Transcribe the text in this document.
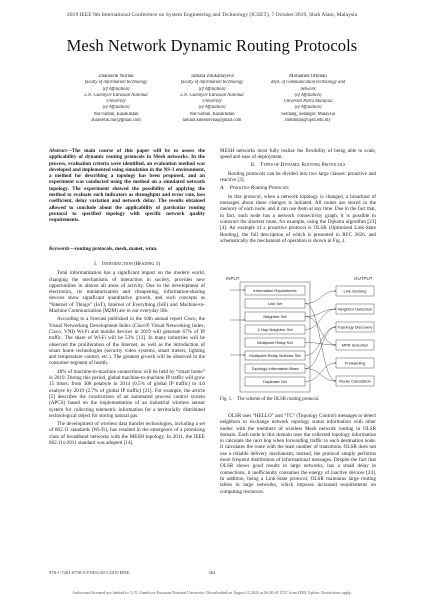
2019 IEEE 9th International Conference on System Engineering and Technology (ICSET), 7 October 2019, Shah Alam, Malaysia
Mesh Network Dynamic Routing Protocols
Zhanserik Nurlan
faculty of information technology
(of Affiliation)
L.N. Gumilyov Eurasian National
University
(of Affiliation)
Nur-Sultan, Kazakhstan
zhanserik.nur@gmail.com
Tamara Zhukabayeva
faculty of information technology
(of Affiliation)
L.N. Gumilyov Eurasian National
University
(of Affiliation)
Nur-Sultan, Kazakhstan
tamara.kokenovna@gmail.com
Mohamed Othman
dept. of communication technology and
network
(of Affiliation)
Universiti Putra Malaysia
(of Affiliation)
Serdang, Selangor, Malaysia
mothman@upm.edu.my

Abstract—The main course of this paper will be to assess the applicability of dynamic routing protocols in Mesh networks. In the process, evaluation criteria were identified, an evaluation method was developed and implemented using simulation in the NS-3 environment, a method for describing a topology has been proposed, and an experiment was conducted using the method on a simulated network topology. The experiment showed the possibility of applying the method to evaluate such indicators as throughput and error rate, loss coefficient, delay variation and network delay. The results obtained allowed to conclude about the applicability of particular routing protocol to specified topology with specific network quality requirements.

Keywords—routing protocols, mesh, manet, wmn.

I. Introduction (Heading 1)

Total informatization has a significant impact on the modern world, changing the mechanisms of interaction in society, provides new opportunities in almost all areas of activity. Due to the development of electronics, its miniaturization and cheapening, information-sharing devices show significant quantitative growth, and such concepts as “Internet of Things” (IoT), Internet of Everything (IoE) and Machine-to-Machine Communication (M2M) are in our everyday life.

According to a forecast published in the 10th annual report Cisco, the Visual Networking Development Index (Cisco® Visual Networking Index, Cisco, VNI) Wi-Fi and mobile devices in 2019 will generate 67% of IP traffic. The share of Wi-Fi will be 53% [13]. In many industries will be observed the proliferation of the Internet, as well as the introduction of smart home technologies (security video systems, smart meters, lighting and temperature control, etc.). The greatest growth will be observed in the consumer segment of health.

48% of machine-to-machine connections will be held by “smart home” in 2019. During this period, global machine-to-machine IP traffic will grow 15 times: from 308 petabyte in 2014 (0.5% of global IP traffic) to 4.6 exabyte by 2019 (2.7% of global IP traffic) [21]. For example, the article [5] describes the construction of an automated process control system (APCS) based on the implementation of an industrial wireless sensor system for collecting telemetric information for a territorially distributed technological object for storing natural gas.

The development of wireless data transfer technologies, including a set of 802.11 standards (Wi-Fi), has resulted in the emergence of a promising class of broadband networks with the MESH topology. In 2011, the IEEE 802.11s-2011 standard was adopted [14].

MESH networks most fully realize the flexibility of being able to scale, speed and ease of deployment.

II. Types of Dynamic Routing Protocols

Routing protocols can be divided into two large classes: proactive and reactive [3].

A. Proactive Routing Protocols

In this protocol, when a network topology is changed, a broadcast of messages about these changes is initiated. All routes are stored in the memory of each node, and it can use them at any time. Due to the fact that, in fact, each node has a network connectivity graph, it is possible to construct the shortest route, for example, using the Dijkstra algorithm [23] [4]. An example of a proactive protocol is OLSR (Optimized Link-State Routing), the full description of which is presented in RFC 3626, and schematically the mechanism of operation is shown in Fig. 1.

INPUT	OUTPUT
Information Repositories
Link Set
Neighbor Set
2-Hop Neighbor Set
Multipoint Relay Set
Multipoint Relay Selector Set
Topology Information Base
Duplicate Set
Link Sensing
Neighbor Detection
Topology Discovery
MPR Selection
Forwarding
Route Calculation
Fig. 1. The scheme of the OLSR routing protocol.

OLSR uses “HELLO” and “TC” (Topology Control) messages to detect neighbors to exchange network topology status information with other nodes: with the members of wireless Mesh network routing in OLSR domain. Each node in this domain uses the collected topology information to calculate the next hop when forwarding traffic to each destination node. It calculates the route with the least number of transitions. OLSR does not use a reliable delivery mechanism; instead, the protocol simply performs more frequent distribution of informational messages. Despite the fact that OLSR shows good results in large networks, has a small delay in connections, it inefficiently consumes the energy of inactive devices [24]. In addition, being a Link-State protocol, OLSR maintains large routing tables in large networks, which imposes increased requirements on computing resources.

978-1-7281-0758-5/19/$31.00 ©2019 IEEE	364
Authorized licensed use limited to: L.N. Gumilyov Eurasian National University. Downloaded on August 12,2022 at 06:20:41 UTC from IEEE Xplore. Restrictions apply.
